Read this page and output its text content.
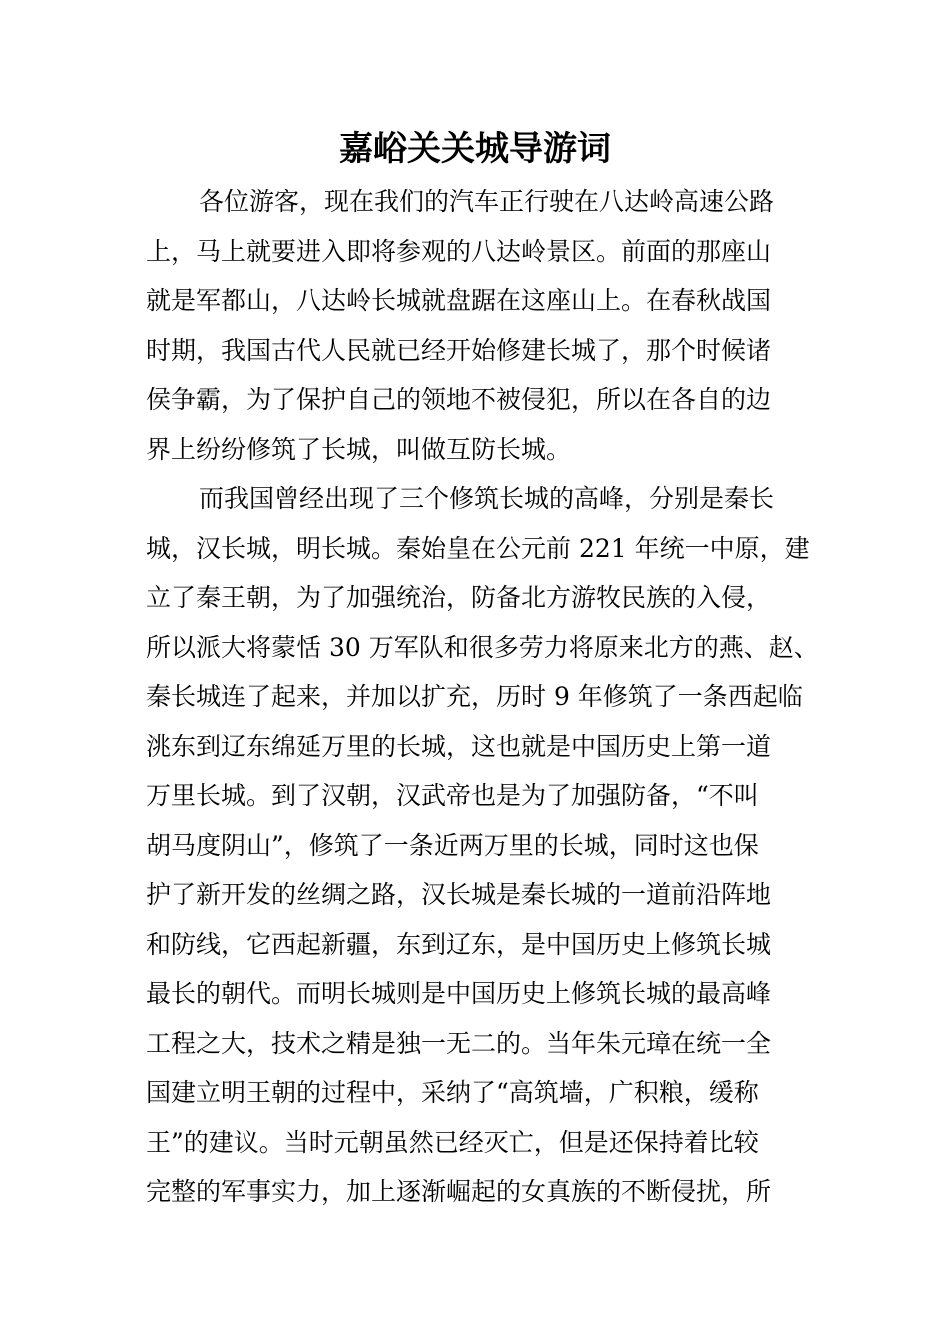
嘉峪关关城导游词

各位游客，现在我们的汽车正行驶在八达岭高速公路
上，马上就要进入即将参观的八达岭景区。前面的那座山
就是军都山，八达岭长城就盘踞在这座山上。在春秋战国
时期，我国古代人民就已经开始修建长城了，那个时候诸
侯争霸，为了保护自己的领地不被侵犯，所以在各自的边
界上纷纷修筑了长城，叫做互防长城。

而我国曾经出现了三个修筑长城的高峰，分别是秦长
城，汉长城，明长城。秦始皇在公元前 221 年统一中原，建
立了秦王朝，为了加强统治，防备北方游牧民族的入侵，
所以派大将蒙恬 30 万军队和很多劳力将原来北方的燕、赵、
秦长城连了起来，并加以扩充，历时 9 年修筑了一条西起临
洮东到辽东绵延万里的长城，这也就是中国历史上第一道
万里长城。到了汉朝，汉武帝也是为了加强防备，“不叫
胡马度阴山”，修筑了一条近两万里的长城，同时这也保
护了新开发的丝绸之路，汉长城是秦长城的一道前沿阵地
和防线，它西起新疆，东到辽东，是中国历史上修筑长城
最长的朝代。而明长城则是中国历史上修筑长城的最高峰
工程之大，技术之精是独一无二的。当年朱元璋在统一全
国建立明王朝的过程中，采纳了“高筑墙，广积粮，缓称
王”的建议。当时元朝虽然已经灭亡，但是还保持着比较
完整的军事实力，加上逐渐崛起的女真族的不断侵扰，所
